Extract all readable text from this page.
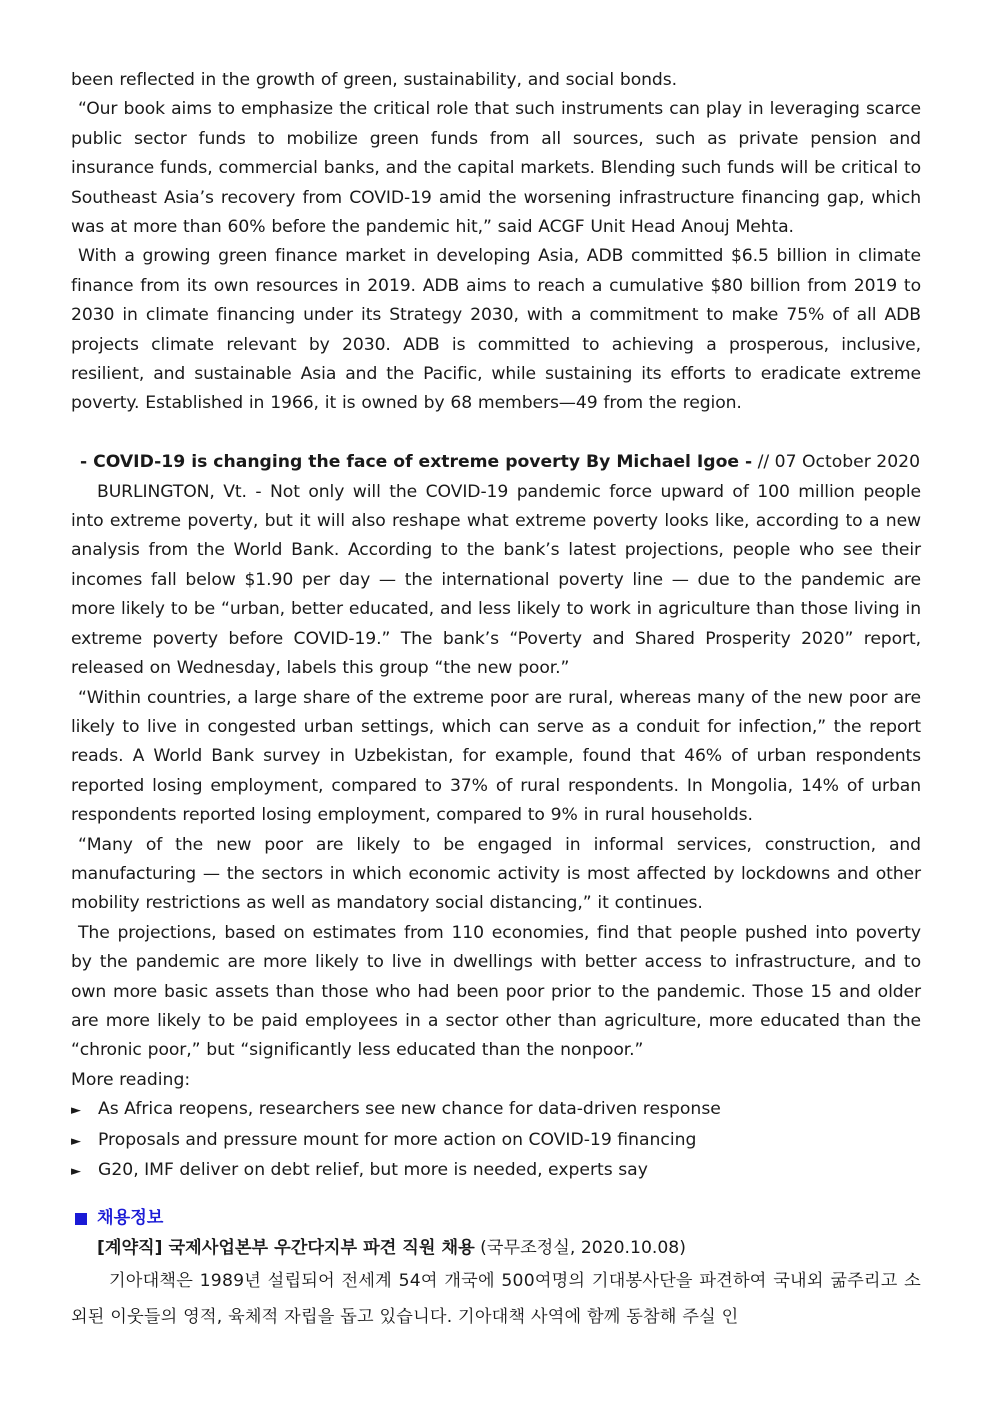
been reflected in the growth of green, sustainability, and social bonds.

“Our book aims to emphasize the critical role that such instruments can play in leveraging scarce public sector funds to mobilize green funds from all sources, such as private pension and insurance funds, commercial banks, and the capital markets. Blending such funds will be critical to Southeast Asia’s recovery from COVID-19 amid the worsening infrastructure financing gap, which was at more than 60% before the pandemic hit,” said ACGF Unit Head Anouj Mehta.

With a growing green finance market in developing Asia, ADB committed $6.5 billion in climate finance from its own resources in 2019. ADB aims to reach a cumulative $80 billion from 2019 to 2030 in climate financing under its Strategy 2030, with a commitment to make 75% of all ADB projects climate relevant by 2030. ADB is committed to achieving a prosperous, inclusive, resilient, and sustainable Asia and the Pacific, while sustaining its efforts to eradicate extreme poverty. Established in 1966, it is owned by 68 members—49 from the region.

- COVID-19 is changing the face of extreme poverty By Michael Igoe - // 07 October 2020

BURLINGTON, Vt. - Not only will the COVID-19 pandemic force upward of 100 million people into extreme poverty, but it will also reshape what extreme poverty looks like, according to a new analysis from the World Bank. According to the bank’s latest projections, people who see their incomes fall below $1.90 per day — the international poverty line — due to the pandemic are more likely to be “urban, better educated, and less likely to work in agriculture than those living in extreme poverty before COVID-19.” The bank’s “Poverty and Shared Prosperity 2020” report, released on Wednesday, labels this group “the new poor.”

“Within countries, a large share of the extreme poor are rural, whereas many of the new poor are likely to live in congested urban settings, which can serve as a conduit for infection,” the report reads. A World Bank survey in Uzbekistan, for example, found that 46% of urban respondents reported losing employment, compared to 37% of rural respondents. In Mongolia, 14% of urban respondents reported losing employment, compared to 9% in rural households.

“Many of the new poor are likely to be engaged in informal services, construction, and manufacturing — the sectors in which economic activity is most affected by lockdowns and other mobility restrictions as well as mandatory social distancing,” it continues.

The projections, based on estimates from 110 economies, find that people pushed into poverty by the pandemic are more likely to live in dwellings with better access to infrastructure, and to own more basic assets than those who had been poor prior to the pandemic. Those 15 and older are more likely to be paid employees in a sector other than agriculture, more educated than the “chronic poor,” but “significantly less educated than the nonpoor.”

More reading:

► As Africa reopens, researchers see new chance for data-driven response
► Proposals and pressure mount for more action on COVID-19 financing
► G20, IMF deliver on debt relief, but more is needed, experts say
채용정보

[계약직] 국제사업본부 우간다지부 파견 직원 채용 (국무조정실, 2020.10.08)

기아대책은 1989년 설립되어 전세계 54여 개국에 500여명의 기대봉사단을 파견하여 국내외 굶주리고 소외된 이웃들의 영적, 육체적 자립을 돕고 있습니다. 기아대책 사역에 함께 동참해 주실 인
